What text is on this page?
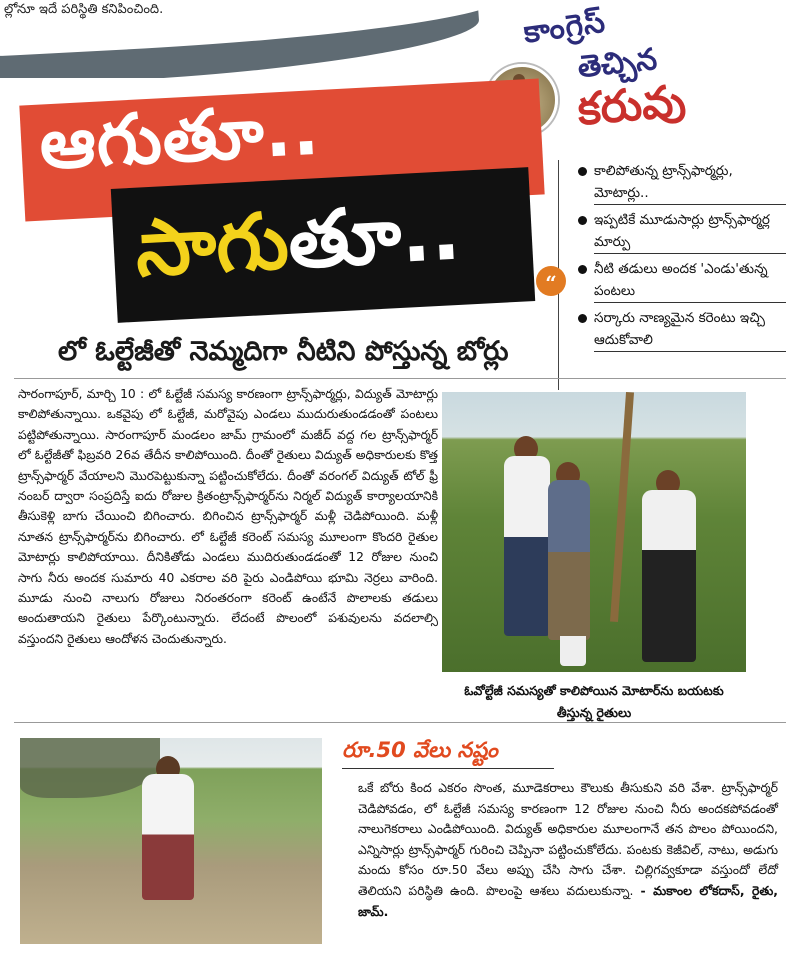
ల్లోనూ ఇదే పరిస్థితి కనిపించింది.	కాంగ్రెస్
తెచ్చిన
కరువు
ఆగుతూ..
సాగుతూ..	“
కాలిపోతున్న ట్రాన్స్‌ఫార్మర్లు, మోటార్లు..
ఇప్పటికే మూడుసార్లు ట్రాన్స్‌ఫార్మర్ల మార్పు
నీటి తడులు అందక 'ఎండు'తున్న పంటలు
సర్కారు నాణ్యమైన కరెంటు ఇచ్చి ఆదుకోవాలి
లో ఓల్టేజీతో నెమ్మదిగా నీటిని పోస్తున్న బోర్లు
సారంగాపూర్, మార్చి 10 : లో ఓల్టేజీ సమస్య కారణంగా ట్రాన్స్‌ఫార్మర్లు, విద్యుత్ మోటార్లు కాలిపోతున్నాయి. ఒకవైపు లో ఓల్టేజీ, మరోవైపు ఎండలు ముదురుతుండడంతో పంటలు పట్టిపోతున్నాయి. సారంగాపూర్ మండలం జామ్ గ్రామంలో మజీద్ వద్ద గల ట్రాన్స్‌ఫార్మర్ లో ఓల్టేజీతో ఫిబ్రవరి 26వ తేదీన కాలిపోయింది. దీంతో రైతులు విద్యుత్ అధికారులకు కొత్త ట్రాన్స్‌ఫార్మర్ వేయాలని మొరపెట్టుకున్నా పట్టించుకోలేదు. దీంతో వరంగల్ విద్యుత్ టోల్ ఫ్రీ నంబర్ ద్వారా సంప్రదిస్తే ఐదు రోజుల క్రితంట్రాన్స్‌ఫార్మర్‌ను నిర్మల్ విద్యుత్ కార్యాలయానికి తీసుకెళ్లి బాగు చేయించి బిగించారు. బిగించిన ట్రాన్స్‌ఫార్మర్ మళ్లీ చెడిపోయింది. మళ్లీ నూతన ట్రాన్స్‌ఫార్మర్‌ను బిగించారు. లో ఓల్టేజీ కరెంట్ సమస్య మూలంగా కొందరి రైతుల మోటార్లు కాలిపోయాయి. దీనికితోడు ఎండలు ముదిరుతుండడంతో 12 రోజుల నుంచి సాగు నీరు అందక సుమారు 40 ఎకరాల వరి పైరు ఎండిపోయి భూమి నెర్రలు వారింది. మూడు నుంచి నాలుగు రోజులు నిరంతరంగా కరెంట్ ఉంటేనే పొలాలకు తడులు అందుతాయని రైతులు పేర్కొంటున్నారు. లేదంటే పొలంలో పశువులను వదలాల్సి వస్తుందని రైతులు ఆందోళన చెందుతున్నారు.
ఓవోల్టేజీ సమస్యతో కాలిపోయిన మోటార్‌ను బయటకు తీస్తున్న రైతులు
రూ.50 వేలు నష్టం
ఒకే బోరు కింద ఎకరం సొంత, మూడెకరాలు కౌలుకు తీసుకుని వరి వేశా. ట్రాన్స్‌ఫార్మర్ చెడిపోవడం, లో ఓల్టేజీ సమస్య కారణంగా 12 రోజుల నుంచి నీరు అందకపోవడంతో నాలుగెకరాలు ఎండిపోయింది. విద్యుత్ అధికారుల మూలంగానే తన పొలం పోయిందని, ఎన్నిసార్లు ట్రాన్స్‌ఫార్మర్ గురించి చెప్పినా పట్టించుకోలేదు. పంటకు కెజీవిల్, నాటు, అడుగు మందు కోసం రూ.50 వేలు అప్పు చేసి సాగు చేశా. చిల్లిగవ్వకూడా వస్తుందో లేదో తెలియని పరిస్థితి ఉంది. పొలంపై ఆశలు వదులుకున్నా. - మకాంల లోకదాస్, రైతు, జామ్.
